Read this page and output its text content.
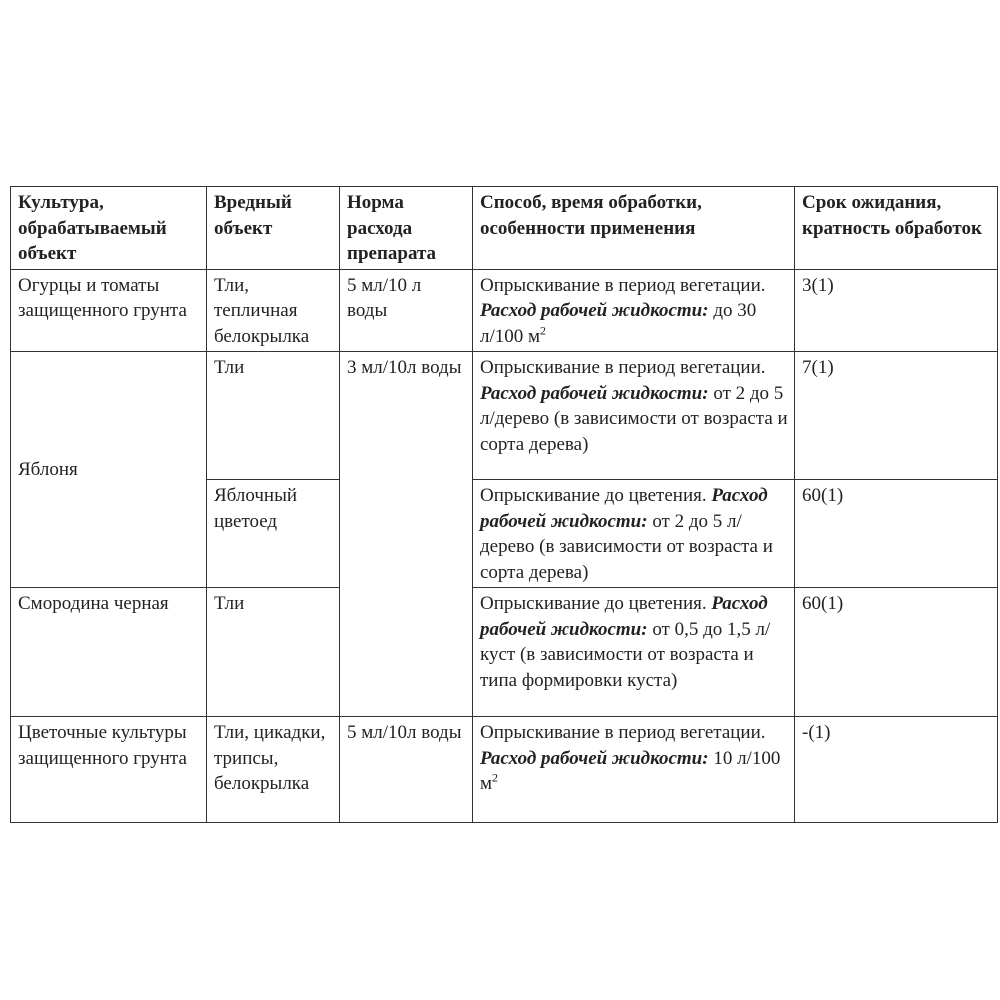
Культура, обрабатываемый объект	Вредный объект	Норма расхода препарата	Способ, время обработки, особенности применения	Срок ожидания, кратность обработок
Огурцы и томаты защищенного грунта	Тли, тепличная белокрылка	5 мл/10 л воды	Опрыскивание в период вегетации. Расход рабочей жидкости: до 30 л/100 $м^2$	3(1)
Яблоня	Тли	3 мл/10л воды	Опрыскивание в период вегетации. Расход рабочей жидкости: от 2 до 5 л/дерево (в зависимости от возраста и сорта дерева)	7(1)
	Яблочный цветоед		Опрыскивание до цветения. Расход рабочей жидкости: от 2 до 5 л/дерево (в зависимости от возраста и сорта дерева)	60(1)
Смородина черная	Тли		Опрыскивание до цветения. Расход рабочей жидкости: от 0,5 до 1,5 л/куст (в зависимости от возраста и типа формировки куста)	60(1)
Цветочные культуры защищенного грунта	Тли, цикадки, трипсы, белокрылка	5 мл/10л воды	Опрыскивание в период вегетации. Расход рабочей жидкости: 10 л/100 $м^2$	-(1)
